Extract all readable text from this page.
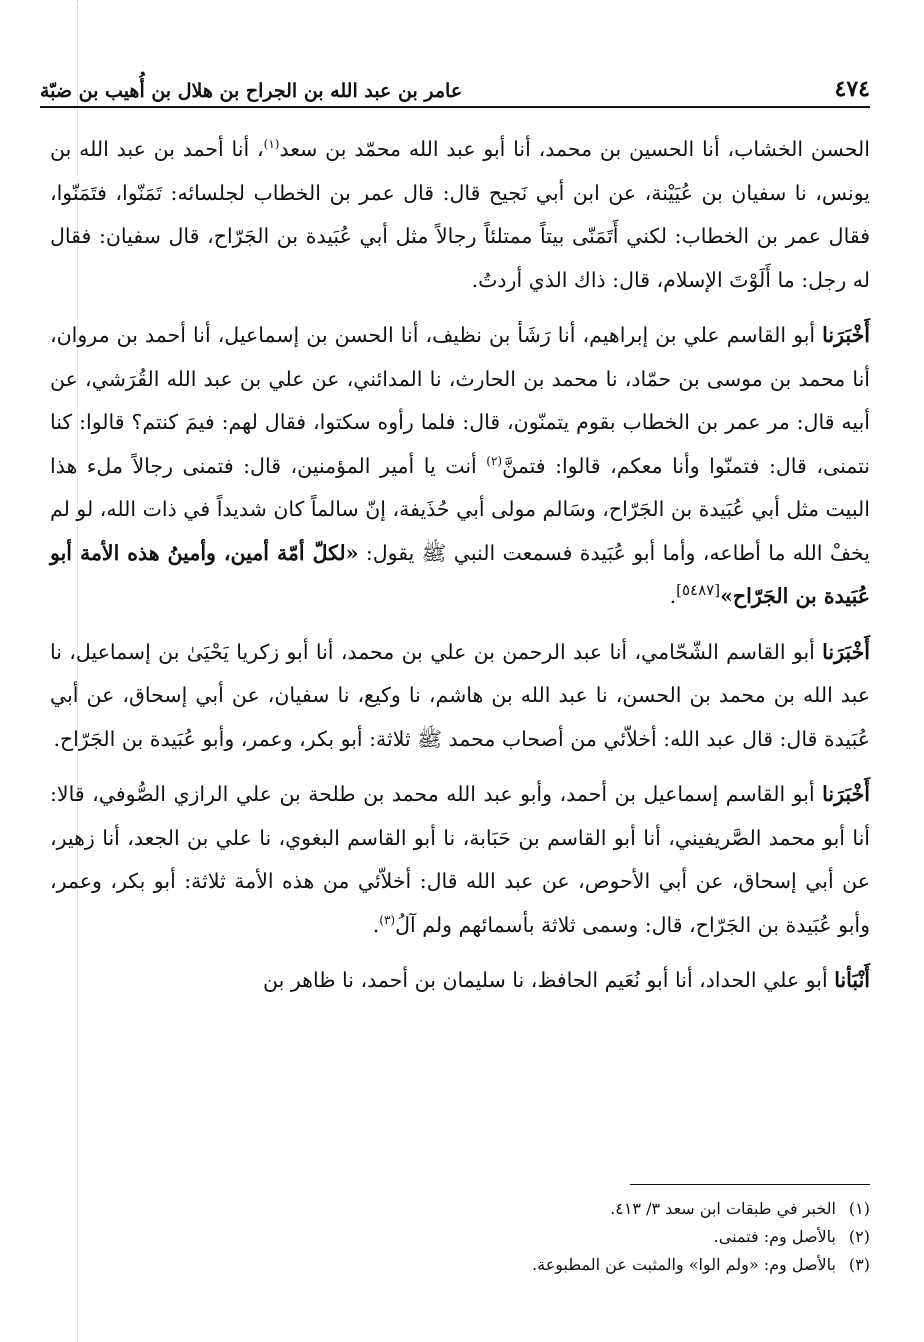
٤٧٤
عامر بن عبد الله بن الجراح بن هلال بن أُهيب بن ضبّة

الحسن الخشاب، أنا الحسين بن محمد، أنا أبو عبد الله محمّد بن سعد$^{(١)}$، أنا أحمد بن عبد الله بن يونس، نا سفيان بن عُيَيْنة، عن ابن أبي نَجيح قال: قال عمر بن الخطاب لجلسائه: تَمَنّوا، فتَمَنّوا، فقال عمر بن الخطاب: لكني أَتَمَنّى بيتاً ممتلئاً رجالاً مثل أبي عُبَيدة بن الجَرّاح، قال سفيان: فقال له رجل: ما أَلَوْتَ الإسلام، قال: ذاك الذي أردتُ.

أَخْبَرَنا أبو القاسم علي بن إبراهيم، أنا رَشَأ بن نظيف، أنا الحسن بن إسماعيل، أنا أحمد بن مروان، أنا محمد بن موسى بن حمّاد، نا محمد بن الحارث، نا المدائني، عن علي بن عبد الله القُرَشي، عن أبيه قال: مر عمر بن الخطاب بقوم يتمنّون، قال: فلما رأوه سكتوا، فقال لهم: فيمَ كنتم؟ قالوا: كنا نتمنى، قال: فتمنّوا وأنا معكم، قالوا: فتمنَّ$^{(٢)}$ أنت يا أمير المؤمنين، قال: فتمنى رجالاً ملء هذا البيت مثل أبي عُبَيدة بن الجَرّاح، وسَالم مولى أبي حُذَيفة، إنّ سالماً كان شديداً في ذات الله، لو لم يخفْ الله ما أطاعه، وأما أبو عُبَيدة فسمعت النبي ﷺ يقول: «لكلّ أمّة أمين، وأمينُ هذه الأمة أبو عُبَيدة بن الجَرّاح»[٥٤٨٧].

أَخْبَرَنا أبو القاسم الشّحّامي، أنا عبد الرحمن بن علي بن محمد، أنا أبو زكريا يَحْيَىٰ بن إسماعيل، نا عبد الله بن محمد بن الحسن، نا عبد الله بن هاشم، نا وكيع، نا سفيان، عن أبي إسحاق، عن أبي عُبَيدة قال: قال عبد الله: أخلاّئي من أصحاب محمد ﷺ ثلاثة: أبو بكر، وعمر، وأبو عُبَيدة بن الجَرّاح.

أَخْبَرَنا أبو القاسم إسماعيل بن أحمد، وأبو عبد الله محمد بن طلحة بن علي الرازي الصُّوفي، قالا: أنا أبو محمد الصَّريفيني، أنا أبو القاسم بن حَبَابة، نا أبو القاسم البغوي، نا علي بن الجعد، أنا زهير، عن أبي إسحاق، عن أبي الأحوص، عن عبد الله قال: أخلاّئي من هذه الأمة ثلاثة: أبو بكر، وعمر، وأبو عُبَيدة بن الجَرّاح، قال: وسمى ثلاثة بأسمائهم ولم آلُ$^{(٣)}$.

أَنْبَأنا أبو علي الحداد، أنا أبو نُعَيم الحافظ، نا سليمان بن أحمد، نا ظاهر بن

(١)
الخبر في طبقات ابن سعد ٣/ ٤١٣.

(٢)
بالأصل وم: فتمنى.

(٣)
بالأصل وم: «ولم الوا» والمثبت عن المطبوعة.
